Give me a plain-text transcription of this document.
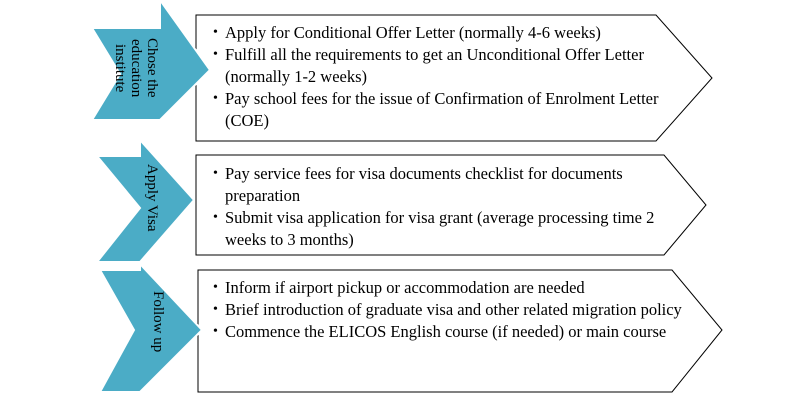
Chose the education institute
Apply Visa
Follow up
• Apply for Conditional Offer Letter (normally 4-6 weeks)
• Fulfill all the requirements to get an Unconditional Offer Letter (normally 1-2 weeks)
• Pay school fees for the issue of Confirmation of Enrolment Letter (COE)
• Pay service fees for visa documents checklist for documents preparation
• Submit visa application for visa grant (average processing time 2 weeks to 3 months)
• Inform if airport pickup or accommodation are needed
• Brief introduction of graduate visa and other related migration policy
• Commence the ELICOS English course (if needed) or main course
